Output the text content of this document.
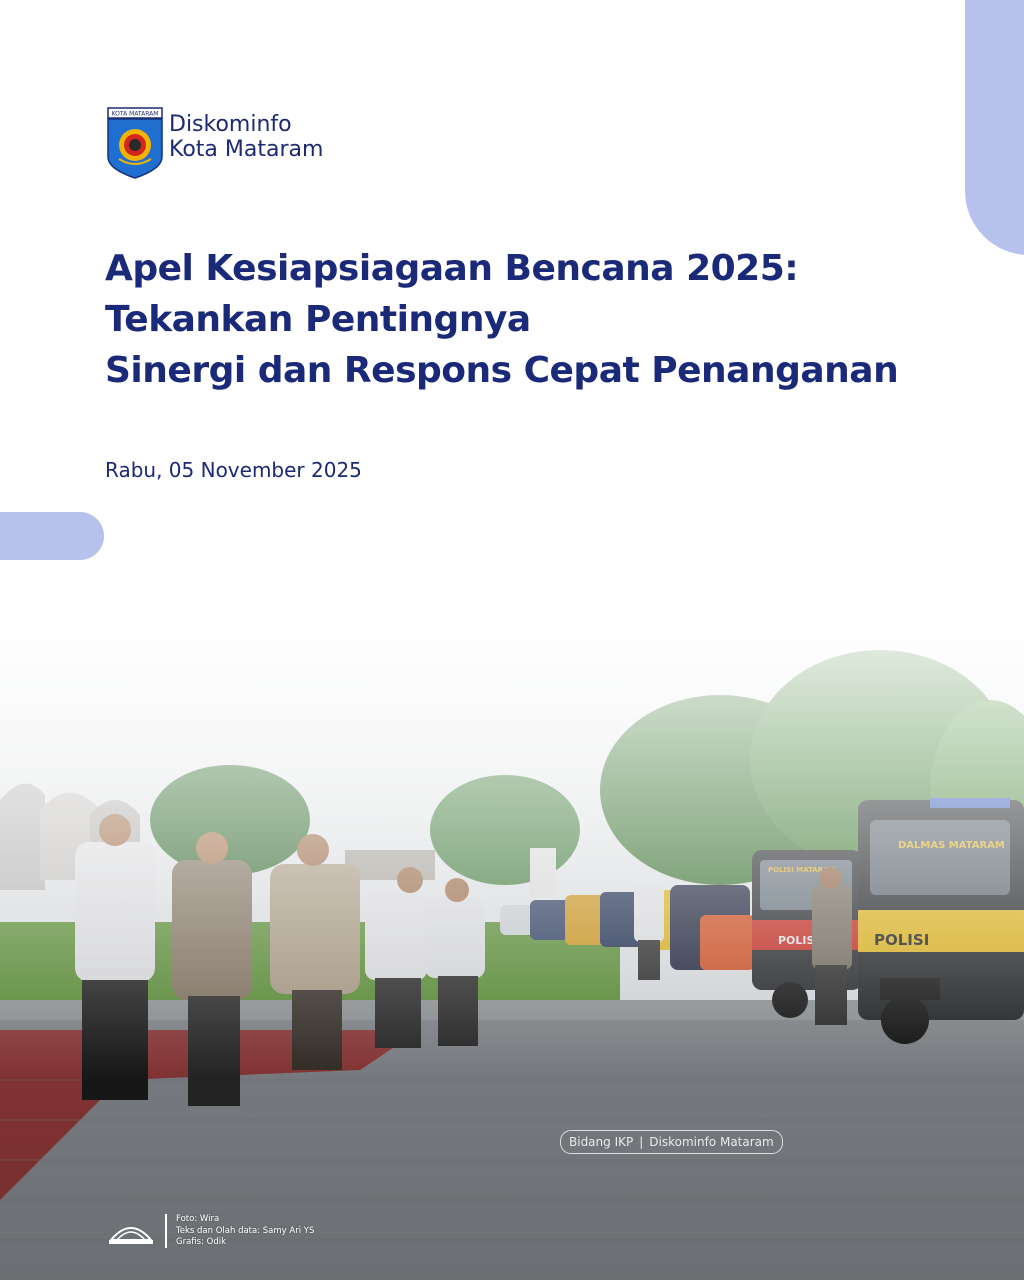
KOTA MATARAM Diskominfo
Kota Mataram
Apel Kesiapsiagaan Bencana 2025:
Tekankan Pentingnya
Sinergi dan Respons Cepat Penanganan
Rabu, 05 November 2025
Bidang IKP | Diskominfo Mataram
Foto: Wira
Teks dan Olah data: Samy Ari YS
Grafis: Odik
